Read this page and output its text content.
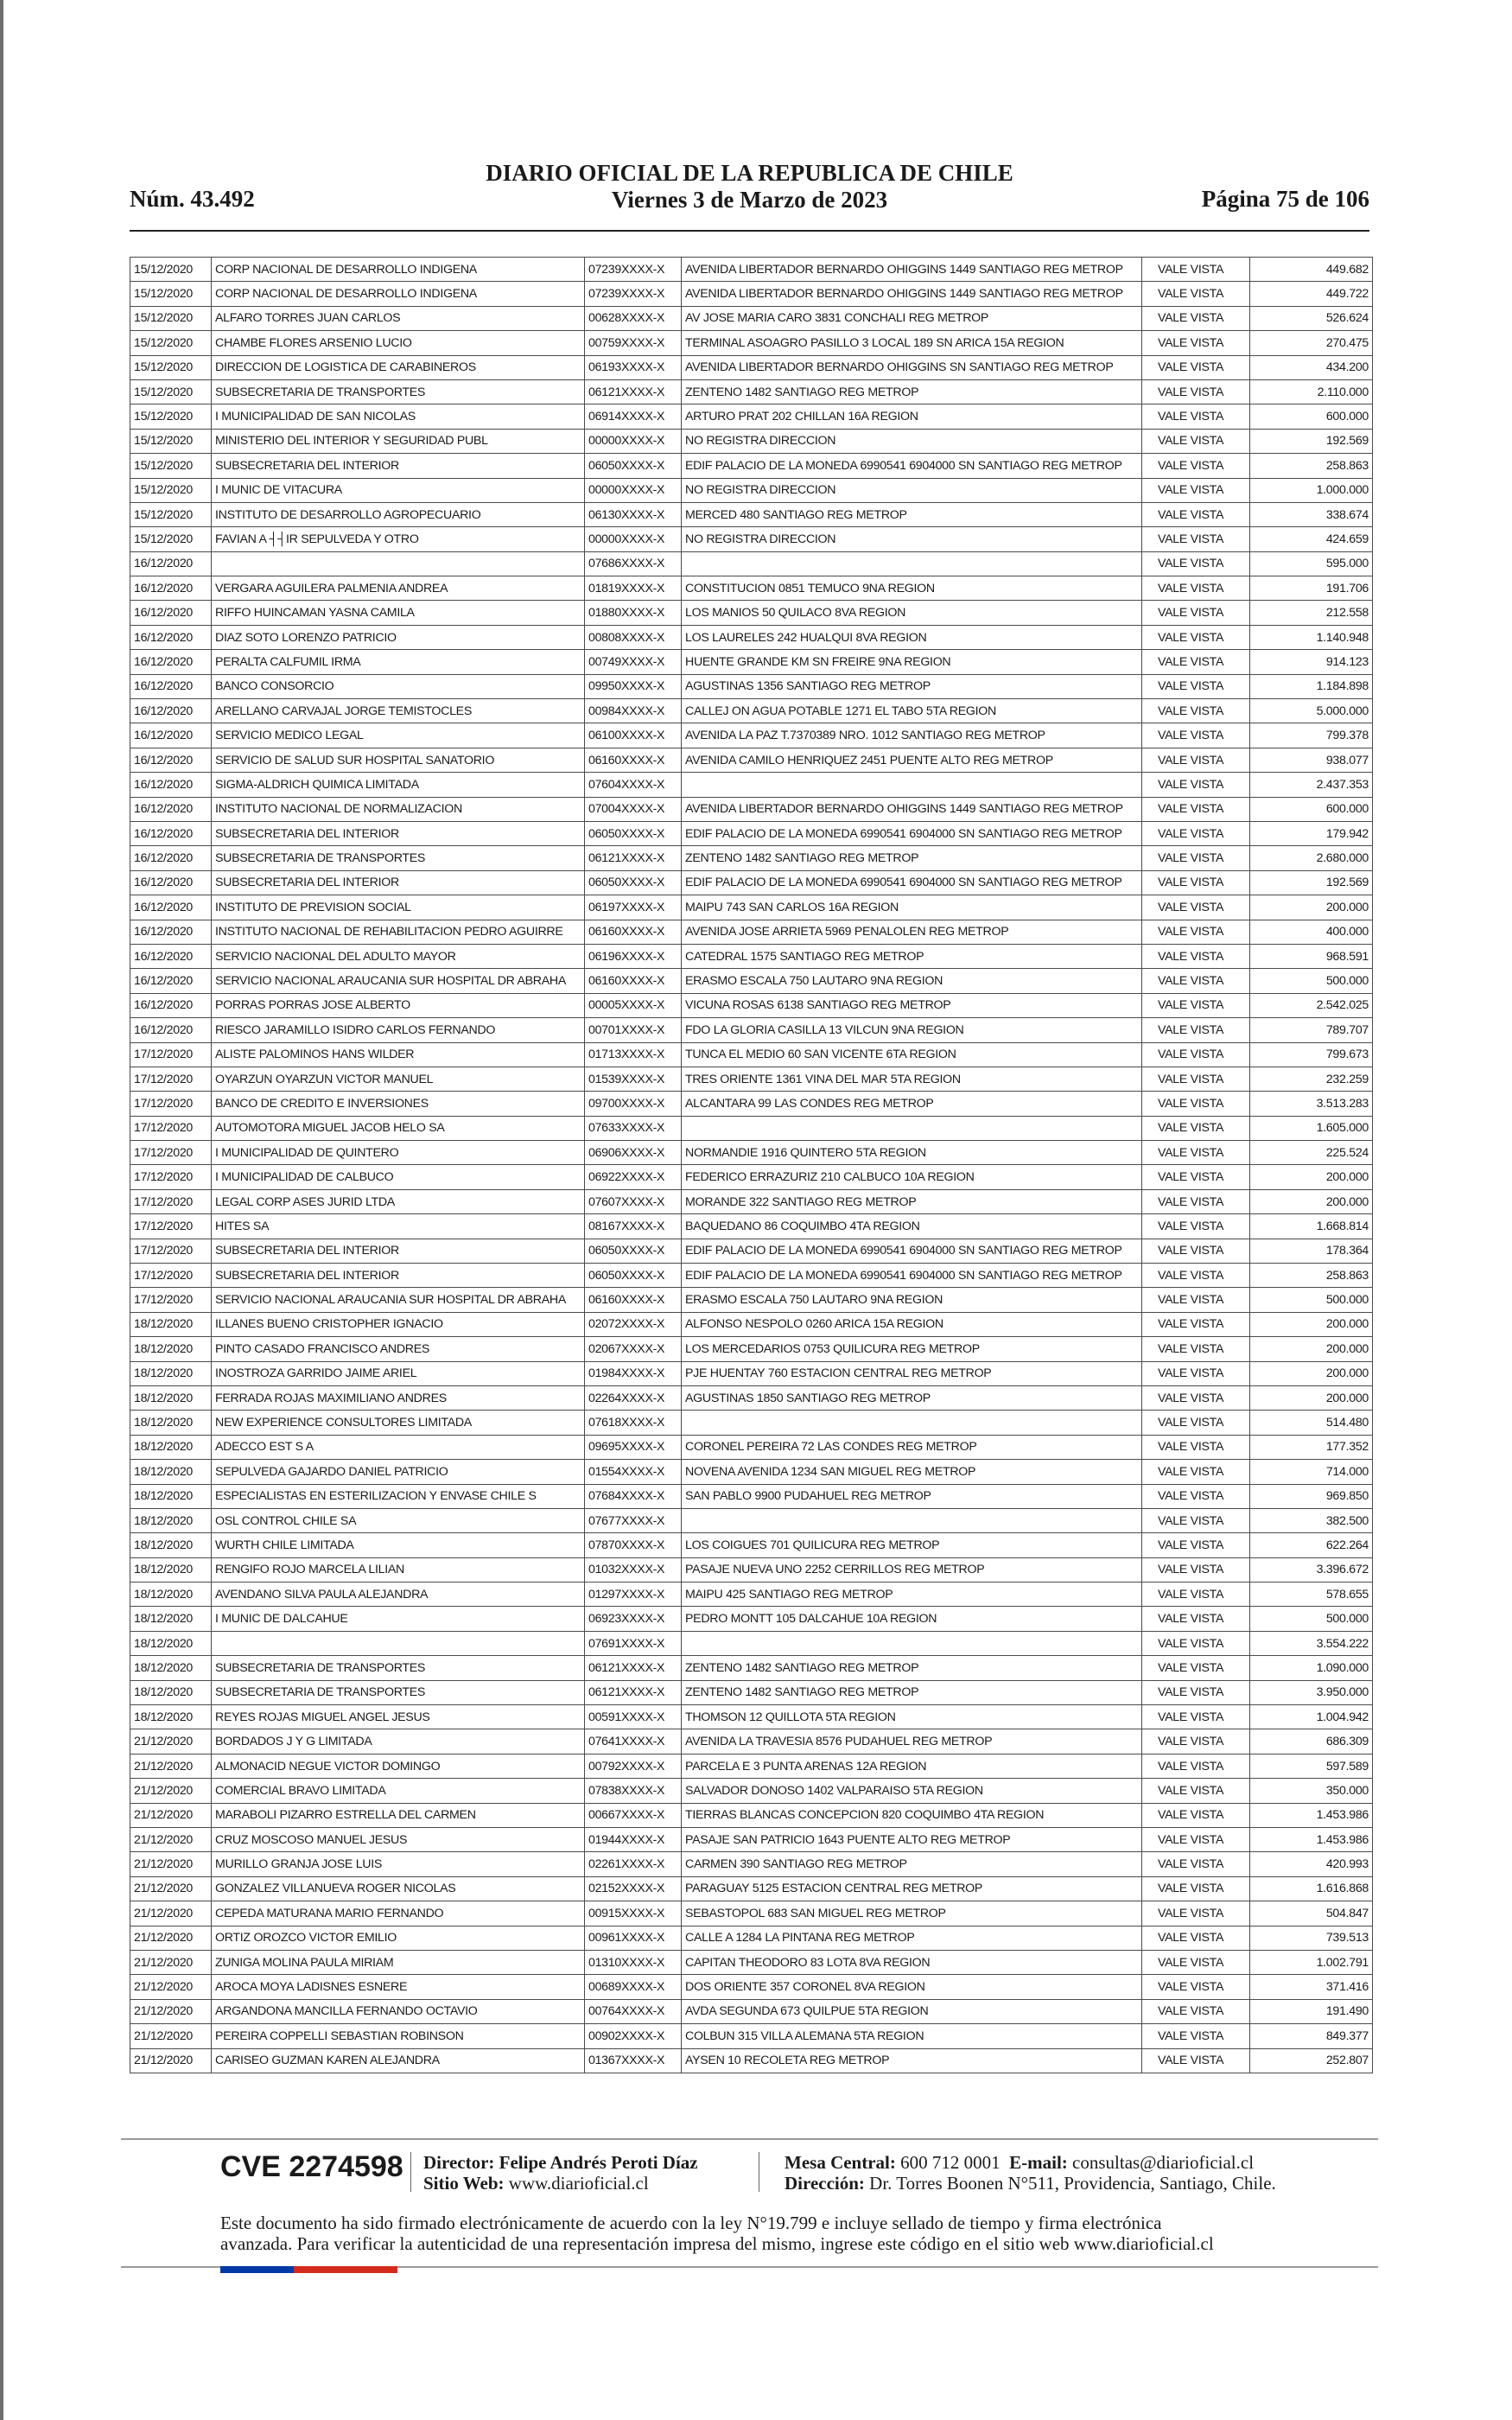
Núm. 43.492
DIARIO OFICIAL DE LA REPUBLICA DE CHILE
Viernes 3 de Marzo de 2023	Página 75 de 106
15/12/2020	CORP NACIONAL DE DESARROLLO INDIGENA	07239XXXX-X	AVENIDA LIBERTADOR BERNARDO OHIGGINS 1449 SANTIAGO REG METROP	VALE VISTA	449.682
15/12/2020	CORP NACIONAL DE DESARROLLO INDIGENA	07239XXXX-X	AVENIDA LIBERTADOR BERNARDO OHIGGINS 1449 SANTIAGO REG METROP	VALE VISTA	449.722
15/12/2020	ALFARO TORRES JUAN CARLOS	00628XXXX-X	AV JOSE MARIA CARO 3831 CONCHALI REG METROP	VALE VISTA	526.624
15/12/2020	CHAMBE FLORES ARSENIO LUCIO	00759XXXX-X	TERMINAL ASOAGRO PASILLO 3 LOCAL 189 SN ARICA 15A REGION	VALE VISTA	270.475
15/12/2020	DIRECCION DE LOGISTICA DE CARABINEROS	06193XXXX-X	AVENIDA LIBERTADOR BERNARDO OHIGGINS SN SANTIAGO REG METROP	VALE VISTA	434.200
15/12/2020	SUBSECRETARIA DE TRANSPORTES	06121XXXX-X	ZENTENO 1482 SANTIAGO REG METROP	VALE VISTA	2.110.000
15/12/2020	I MUNICIPALIDAD DE SAN NICOLAS	06914XXXX-X	ARTURO PRAT 202 CHILLAN 16A REGION	VALE VISTA	600.000
15/12/2020	MINISTERIO DEL INTERIOR Y SEGURIDAD PUBL	00000XXXX-X	NO REGISTRA DIRECCION	VALE VISTA	192.569
15/12/2020	SUBSECRETARIA DEL INTERIOR	06050XXXX-X	EDIF PALACIO DE LA MONEDA 6990541 6904000 SN SANTIAGO REG METROP	VALE VISTA	258.863
15/12/2020	I MUNIC DE VITACURA	00000XXXX-X	NO REGISTRA DIRECCION	VALE VISTA	1.000.000
15/12/2020	INSTITUTO DE DESARROLLO AGROPECUARIO	06130XXXX-X	MERCED 480 SANTIAGO REG METROP	VALE VISTA	338.674
15/12/2020	FAVIAN A ┤┤IR SEPULVEDA Y OTRO	00000XXXX-X	NO REGISTRA DIRECCION	VALE VISTA	424.659
16/12/2020		07686XXXX-X		VALE VISTA	595.000
16/12/2020	VERGARA AGUILERA PALMENIA ANDREA	01819XXXX-X	CONSTITUCION 0851 TEMUCO 9NA REGION	VALE VISTA	191.706
16/12/2020	RIFFO HUINCAMAN YASNA CAMILA	01880XXXX-X	LOS MANIOS 50 QUILACO 8VA REGION	VALE VISTA	212.558
16/12/2020	DIAZ SOTO LORENZO PATRICIO	00808XXXX-X	LOS LAURELES 242 HUALQUI 8VA REGION	VALE VISTA	1.140.948
16/12/2020	PERALTA CALFUMIL IRMA	00749XXXX-X	HUENTE GRANDE KM SN FREIRE 9NA REGION	VALE VISTA	914.123
16/12/2020	BANCO CONSORCIO	09950XXXX-X	AGUSTINAS 1356 SANTIAGO REG METROP	VALE VISTA	1.184.898
16/12/2020	ARELLANO CARVAJAL JORGE TEMISTOCLES	00984XXXX-X	CALLEJ ON AGUA POTABLE 1271 EL TABO 5TA REGION	VALE VISTA	5.000.000
16/12/2020	SERVICIO MEDICO LEGAL	06100XXXX-X	AVENIDA LA PAZ T.7370389 NRO. 1012 SANTIAGO REG METROP	VALE VISTA	799.378
16/12/2020	SERVICIO DE SALUD SUR HOSPITAL SANATORIO	06160XXXX-X	AVENIDA CAMILO HENRIQUEZ 2451 PUENTE ALTO REG METROP	VALE VISTA	938.077
16/12/2020	SIGMA-ALDRICH QUIMICA LIMITADA	07604XXXX-X		VALE VISTA	2.437.353
16/12/2020	INSTITUTO NACIONAL DE NORMALIZACION	07004XXXX-X	AVENIDA LIBERTADOR BERNARDO OHIGGINS 1449 SANTIAGO REG METROP	VALE VISTA	600.000
16/12/2020	SUBSECRETARIA DEL INTERIOR	06050XXXX-X	EDIF PALACIO DE LA MONEDA 6990541 6904000 SN SANTIAGO REG METROP	VALE VISTA	179.942
16/12/2020	SUBSECRETARIA DE TRANSPORTES	06121XXXX-X	ZENTENO 1482 SANTIAGO REG METROP	VALE VISTA	2.680.000
16/12/2020	SUBSECRETARIA DEL INTERIOR	06050XXXX-X	EDIF PALACIO DE LA MONEDA 6990541 6904000 SN SANTIAGO REG METROP	VALE VISTA	192.569
16/12/2020	INSTITUTO DE PREVISION SOCIAL	06197XXXX-X	MAIPU 743 SAN CARLOS 16A REGION	VALE VISTA	200.000
16/12/2020	INSTITUTO NACIONAL DE REHABILITACION PEDRO AGUIRRE	06160XXXX-X	AVENIDA JOSE ARRIETA 5969 PENALOLEN REG METROP	VALE VISTA	400.000
16/12/2020	SERVICIO NACIONAL DEL ADULTO MAYOR	06196XXXX-X	CATEDRAL 1575 SANTIAGO REG METROP	VALE VISTA	968.591
16/12/2020	SERVICIO NACIONAL ARAUCANIA SUR HOSPITAL DR ABRAHA	06160XXXX-X	ERASMO ESCALA 750 LAUTARO 9NA REGION	VALE VISTA	500.000
16/12/2020	PORRAS PORRAS JOSE ALBERTO	00005XXXX-X	VICUNA ROSAS 6138 SANTIAGO REG METROP	VALE VISTA	2.542.025
16/12/2020	RIESCO JARAMILLO ISIDRO CARLOS FERNANDO	00701XXXX-X	FDO LA GLORIA CASILLA 13 VILCUN 9NA REGION	VALE VISTA	789.707
17/12/2020	ALISTE PALOMINOS HANS WILDER	01713XXXX-X	TUNCA EL MEDIO 60 SAN VICENTE 6TA REGION	VALE VISTA	799.673
17/12/2020	OYARZUN OYARZUN VICTOR MANUEL	01539XXXX-X	TRES ORIENTE 1361 VINA DEL MAR 5TA REGION	VALE VISTA	232.259
17/12/2020	BANCO DE CREDITO E INVERSIONES	09700XXXX-X	ALCANTARA 99 LAS CONDES REG METROP	VALE VISTA	3.513.283
17/12/2020	AUTOMOTORA MIGUEL JACOB HELO SA	07633XXXX-X		VALE VISTA	1.605.000
17/12/2020	I MUNICIPALIDAD DE QUINTERO	06906XXXX-X	NORMANDIE 1916 QUINTERO 5TA REGION	VALE VISTA	225.524
17/12/2020	I MUNICIPALIDAD DE CALBUCO	06922XXXX-X	FEDERICO ERRAZURIZ 210 CALBUCO 10A REGION	VALE VISTA	200.000
17/12/2020	LEGAL CORP ASES JURID LTDA	07607XXXX-X	MORANDE 322 SANTIAGO REG METROP	VALE VISTA	200.000
17/12/2020	HITES SA	08167XXXX-X	BAQUEDANO 86 COQUIMBO 4TA REGION	VALE VISTA	1.668.814
17/12/2020	SUBSECRETARIA DEL INTERIOR	06050XXXX-X	EDIF PALACIO DE LA MONEDA 6990541 6904000 SN SANTIAGO REG METROP	VALE VISTA	178.364
17/12/2020	SUBSECRETARIA DEL INTERIOR	06050XXXX-X	EDIF PALACIO DE LA MONEDA 6990541 6904000 SN SANTIAGO REG METROP	VALE VISTA	258.863
17/12/2020	SERVICIO NACIONAL ARAUCANIA SUR HOSPITAL DR ABRAHA	06160XXXX-X	ERASMO ESCALA 750 LAUTARO 9NA REGION	VALE VISTA	500.000
18/12/2020	ILLANES BUENO CRISTOPHER IGNACIO	02072XXXX-X	ALFONSO NESPOLO 0260 ARICA 15A REGION	VALE VISTA	200.000
18/12/2020	PINTO CASADO FRANCISCO ANDRES	02067XXXX-X	LOS MERCEDARIOS 0753 QUILICURA REG METROP	VALE VISTA	200.000
18/12/2020	INOSTROZA GARRIDO JAIME ARIEL	01984XXXX-X	PJE HUENTAY 760 ESTACION CENTRAL REG METROP	VALE VISTA	200.000
18/12/2020	FERRADA ROJAS MAXIMILIANO ANDRES	02264XXXX-X	AGUSTINAS 1850 SANTIAGO REG METROP	VALE VISTA	200.000
18/12/2020	NEW EXPERIENCE CONSULTORES LIMITADA	07618XXXX-X		VALE VISTA	514.480
18/12/2020	ADECCO EST S A	09695XXXX-X	CORONEL PEREIRA 72 LAS CONDES REG METROP	VALE VISTA	177.352
18/12/2020	SEPULVEDA GAJARDO DANIEL PATRICIO	01554XXXX-X	NOVENA AVENIDA 1234 SAN MIGUEL REG METROP	VALE VISTA	714.000
18/12/2020	ESPECIALISTAS EN ESTERILIZACION Y ENVASE CHILE S	07684XXXX-X	SAN PABLO 9900 PUDAHUEL REG METROP	VALE VISTA	969.850
18/12/2020	OSL CONTROL CHILE SA	07677XXXX-X		VALE VISTA	382.500
18/12/2020	WURTH CHILE LIMITADA	07870XXXX-X	LOS COIGUES 701 QUILICURA REG METROP	VALE VISTA	622.264
18/12/2020	RENGIFO ROJO MARCELA LILIAN	01032XXXX-X	PASAJE NUEVA UNO 2252 CERRILLOS REG METROP	VALE VISTA	3.396.672
18/12/2020	AVENDANO SILVA PAULA ALEJANDRA	01297XXXX-X	MAIPU 425 SANTIAGO REG METROP	VALE VISTA	578.655
18/12/2020	I MUNIC DE DALCAHUE	06923XXXX-X	PEDRO MONTT 105 DALCAHUE 10A REGION	VALE VISTA	500.000
18/12/2020		07691XXXX-X		VALE VISTA	3.554.222
18/12/2020	SUBSECRETARIA DE TRANSPORTES	06121XXXX-X	ZENTENO 1482 SANTIAGO REG METROP	VALE VISTA	1.090.000
18/12/2020	SUBSECRETARIA DE TRANSPORTES	06121XXXX-X	ZENTENO 1482 SANTIAGO REG METROP	VALE VISTA	3.950.000
18/12/2020	REYES ROJAS MIGUEL ANGEL JESUS	00591XXXX-X	THOMSON 12 QUILLOTA 5TA REGION	VALE VISTA	1.004.942
21/12/2020	BORDADOS J Y G LIMITADA	07641XXXX-X	AVENIDA LA TRAVESIA 8576 PUDAHUEL REG METROP	VALE VISTA	686.309
21/12/2020	ALMONACID NEGUE VICTOR DOMINGO	00792XXXX-X	PARCELA E 3 PUNTA ARENAS 12A REGION	VALE VISTA	597.589
21/12/2020	COMERCIAL BRAVO LIMITADA	07838XXXX-X	SALVADOR DONOSO 1402 VALPARAISO 5TA REGION	VALE VISTA	350.000
21/12/2020	MARABOLI PIZARRO ESTRELLA DEL CARMEN	00667XXXX-X	TIERRAS BLANCAS CONCEPCION 820 COQUIMBO 4TA REGION	VALE VISTA	1.453.986
21/12/2020	CRUZ MOSCOSO MANUEL JESUS	01944XXXX-X	PASAJE SAN PATRICIO 1643 PUENTE ALTO REG METROP	VALE VISTA	1.453.986
21/12/2020	MURILLO GRANJA JOSE LUIS	02261XXXX-X	CARMEN 390 SANTIAGO REG METROP	VALE VISTA	420.993
21/12/2020	GONZALEZ VILLANUEVA ROGER NICOLAS	02152XXXX-X	PARAGUAY 5125 ESTACION CENTRAL REG METROP	VALE VISTA	1.616.868
21/12/2020	CEPEDA MATURANA MARIO FERNANDO	00915XXXX-X	SEBASTOPOL 683 SAN MIGUEL REG METROP	VALE VISTA	504.847
21/12/2020	ORTIZ OROZCO VICTOR EMILIO	00961XXXX-X	CALLE A 1284 LA PINTANA REG METROP	VALE VISTA	739.513
21/12/2020	ZUNIGA MOLINA PAULA MIRIAM	01310XXXX-X	CAPITAN THEODORO 83 LOTA 8VA REGION	VALE VISTA	1.002.791
21/12/2020	AROCA MOYA LADISNES ESNERE	00689XXXX-X	DOS ORIENTE 357 CORONEL 8VA REGION	VALE VISTA	371.416
21/12/2020	ARGANDONA MANCILLA FERNANDO OCTAVIO	00764XXXX-X	AVDA SEGUNDA 673 QUILPUE 5TA REGION	VALE VISTA	191.490
21/12/2020	PEREIRA COPPELLI SEBASTIAN ROBINSON	00902XXXX-X	COLBUN 315 VILLA ALEMANA 5TA REGION	VALE VISTA	849.377
21/12/2020	CARISEO GUZMAN KAREN ALEJANDRA	01367XXXX-X	AYSEN 10 RECOLETA REG METROP	VALE VISTA	252.807
CVE 2274598 Director: Felipe Andrés Peroti Díaz
Sitio Web: www.diarioficial.cl
Mesa Central: 600 712 0001 E-mail: consultas@diarioficial.cl
Dirección: Dr. Torres Boonen N°511, Providencia, Santiago, Chile.
Este documento ha sido firmado electrónicamente de acuerdo con la ley N°19.799 e incluye sellado de tiempo y firma electrónica
avanzada. Para verificar la autenticidad de una representación impresa del mismo, ingrese este código en el sitio web www.diarioficial.cl
